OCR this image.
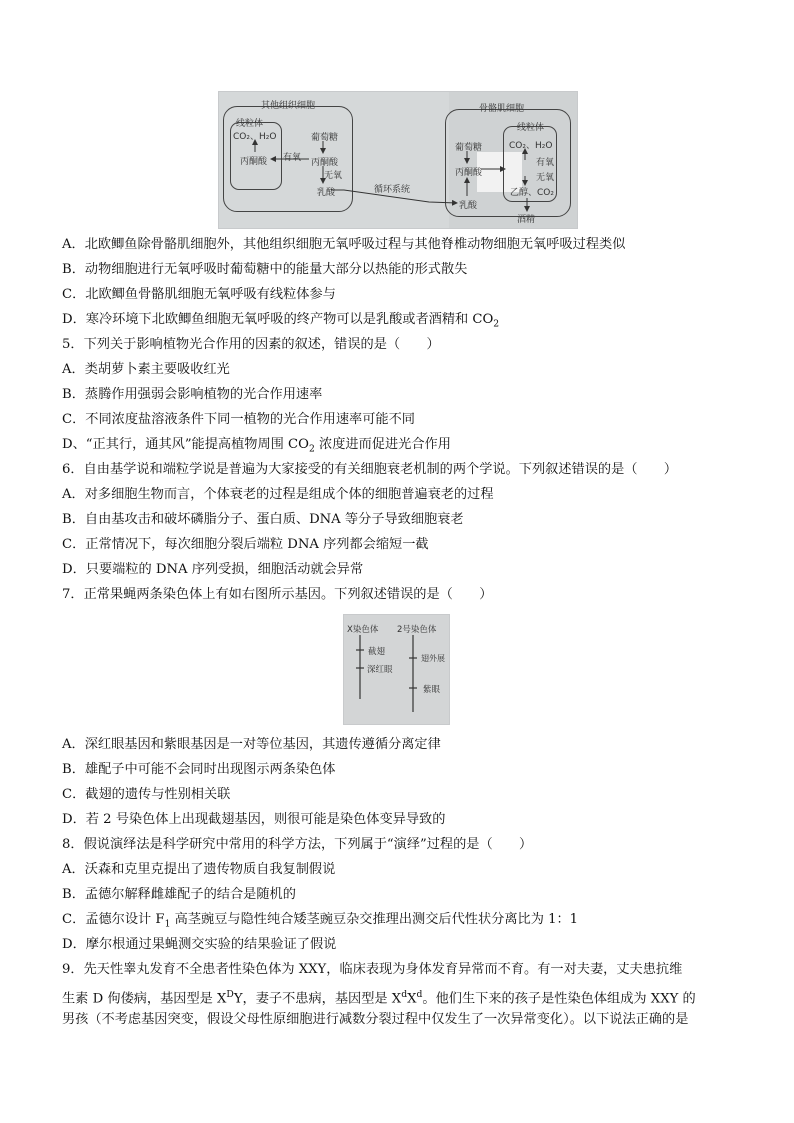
其他组织细胞
线粒体
CO₂、H₂O
丙酮酸 有氧
葡萄糖
丙酮酸
无氧
乳酸	循环系统
骨骼肌细胞
线粒体
葡萄糖
丙酮酸
乳酸
CO₂、H₂O
有氧
无氧
乙醇、CO₂
酒精
A．北欧鲫鱼除骨骼肌细胞外，其他组织细胞无氧呼吸过程与其他脊椎动物细胞无氧呼吸过程类似
B．动物细胞进行无氧呼吸时葡萄糖中的能量大部分以热能的形式散失
C．北欧鲫鱼骨骼肌细胞无氧呼吸有线粒体参与
D．寒冷环境下北欧鲫鱼细胞无氧呼吸的终产物可以是乳酸或者酒精和 $CO_2$
5．下列关于影响植物光合作用的因素的叙述，错误的是（　　）
A．类胡萝卜素主要吸收红光
B．蒸腾作用强弱会影响植物的光合作用速率
C．不同浓度盐溶液条件下同一植物的光合作用速率可能不同
D、“正其行，通其风”能提高植物周围 $CO_2$ 浓度进而促进光合作用
6．自由基学说和端粒学说是普遍为大家接受的有关细胞衰老机制的两个学说。下列叙述错误的是（　　）
A．对多细胞生物而言，个体衰老的过程是组成个体的细胞普遍衰老的过程
B．自由基攻击和破坏磷脂分子、蛋白质、DNA 等分子导致细胞衰老
C．正常情况下，每次细胞分裂后端粒 DNA 序列都会缩短一截
D．只要端粒的 DNA 序列受损，细胞活动就会异常
7．正常果蝇两条染色体上有如右图所示基因。下列叙述错误的是（　　）
X染色体 2号染色体
截翅
深红眼
翅外展
紫眼
A．深红眼基因和紫眼基因是一对等位基因，其遗传遵循分离定律
B．雄配子中可能不会同时出现图示两条染色体
C．截翅的遗传与性别相关联
D．若 2 号染色体上出现截翅基因，则很可能是染色体变异导致的
8．假说演绎法是科学研究中常用的科学方法，下列属于“演绎”过程的是（　　）
A．沃森和克里克提出了遗传物质自我复制假说
B．孟德尔解释雌雄配子的结合是随机的
C．孟德尔设计 $F_1$ 高茎豌豆与隐性纯合矮茎豌豆杂交推理出测交后代性状分离比为 1：1
D．摩尔根通过果蝇测交实验的结果验证了假说
9．先天性睾丸发育不全患者性染色体为 XXY，临床表现为身体发育异常而不育。有一对夫妻，丈夫患抗维
生素 D 佝偻病，基因型是 $X^DY$，妻子不患病，基因型是 $X^dX^d$。他们生下来的孩子是性染色体组成为 XXY 的
男孩（不考虑基因突变，假设父母性原细胞进行减数分裂过程中仅发生了一次异常变化）。以下说法正确的是
